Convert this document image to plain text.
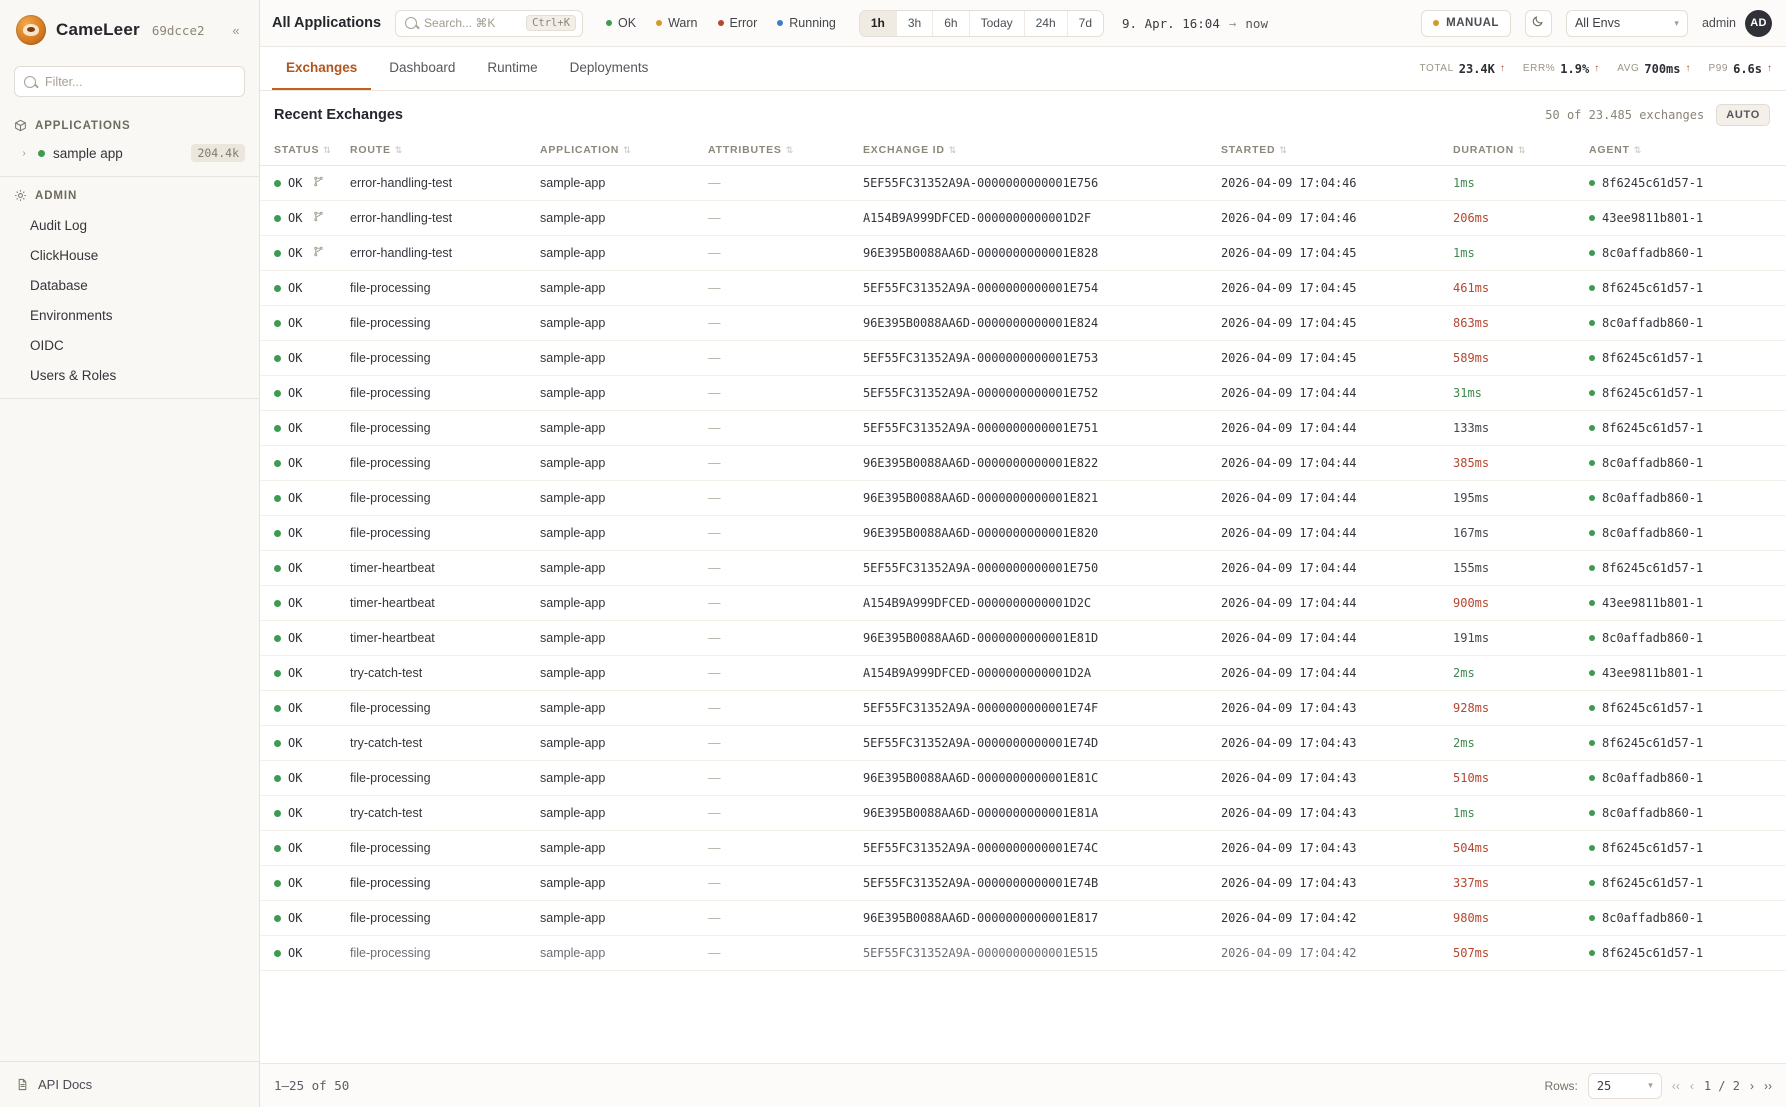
CameLeer 69dcce2	«
Filter...
APPLICATIONS
›	sample app	204.4k
ADMIN
Audit Log
ClickHouse
Database
Environments
OIDC
Users & Roles
API Docs
All Applications	Search... ⌘K	Ctrl+K	OK	Warn	Error	Running	1h	3h	6h	Today	24h	7d	9. Apr. 16:04 → now	MANUAL	All Envs	▾ admin	AD
Exchanges	Dashboard	Runtime	Deployments	TOTAL 23.4K ↑ ERR% 1.9% ↑ AVG 700ms ↑ P99 6.6s ↑
Recent Exchanges	50 of 23.485 exchanges	AUTO
STATUS ⇅	ROUTE ⇅	APPLICATION ⇅	ATTRIBUTES ⇅	EXCHANGE ID ⇅	STARTED ⇅	DURATION ⇅	AGENT ⇅

OK	error-handling-test	sample-app	—	5EF55FC31352A9A-0000000000001E756	2026-04-09 17:04:46	1ms	8f6245c61d57-1

OK	error-handling-test	sample-app	—	A154B9A999DFCED-0000000000001D2F	2026-04-09 17:04:46	206ms	43ee9811b801-1

OK	error-handling-test	sample-app	—	96E395B0088AA6D-0000000000001E828	2026-04-09 17:04:45	1ms	8c0affadb860-1

OK	file-processing	sample-app	—	5EF55FC31352A9A-0000000000001E754	2026-04-09 17:04:45	461ms	8f6245c61d57-1

OK	file-processing	sample-app	—	96E395B0088AA6D-0000000000001E824	2026-04-09 17:04:45	863ms	8c0affadb860-1

OK	file-processing	sample-app	—	5EF55FC31352A9A-0000000000001E753	2026-04-09 17:04:45	589ms	8f6245c61d57-1

OK	file-processing	sample-app	—	5EF55FC31352A9A-0000000000001E752	2026-04-09 17:04:44	31ms	8f6245c61d57-1

OK	file-processing	sample-app	—	5EF55FC31352A9A-0000000000001E751	2026-04-09 17:04:44	133ms	8f6245c61d57-1

OK	file-processing	sample-app	—	96E395B0088AA6D-0000000000001E822	2026-04-09 17:04:44	385ms	8c0affadb860-1

OK	file-processing	sample-app	—	96E395B0088AA6D-0000000000001E821	2026-04-09 17:04:44	195ms	8c0affadb860-1

OK	file-processing	sample-app	—	96E395B0088AA6D-0000000000001E820	2026-04-09 17:04:44	167ms	8c0affadb860-1

OK	timer-heartbeat	sample-app	—	5EF55FC31352A9A-0000000000001E750	2026-04-09 17:04:44	155ms	8f6245c61d57-1

OK	timer-heartbeat	sample-app	—	A154B9A999DFCED-0000000000001D2C	2026-04-09 17:04:44	900ms	43ee9811b801-1

OK	timer-heartbeat	sample-app	—	96E395B0088AA6D-0000000000001E81D	2026-04-09 17:04:44	191ms	8c0affadb860-1

OK	try-catch-test	sample-app	—	A154B9A999DFCED-0000000000001D2A	2026-04-09 17:04:44	2ms	43ee9811b801-1

OK	file-processing	sample-app	—	5EF55FC31352A9A-0000000000001E74F	2026-04-09 17:04:43	928ms	8f6245c61d57-1

OK	try-catch-test	sample-app	—	5EF55FC31352A9A-0000000000001E74D	2026-04-09 17:04:43	2ms	8f6245c61d57-1

OK	file-processing	sample-app	—	96E395B0088AA6D-0000000000001E81C	2026-04-09 17:04:43	510ms	8c0affadb860-1

OK	try-catch-test	sample-app	—	96E395B0088AA6D-0000000000001E81A	2026-04-09 17:04:43	1ms	8c0affadb860-1

OK	file-processing	sample-app	—	5EF55FC31352A9A-0000000000001E74C	2026-04-09 17:04:43	504ms	8f6245c61d57-1

OK	file-processing	sample-app	—	5EF55FC31352A9A-0000000000001E74B	2026-04-09 17:04:43	337ms	8f6245c61d57-1

OK	file-processing	sample-app	—	96E395B0088AA6D-0000000000001E817	2026-04-09 17:04:42	980ms	8c0affadb860-1

OK	file-processing	sample-app	—	5EF55FC31352A9A-0000000000001E515	2026-04-09 17:04:42	507ms	8f6245c61d57-1
1–25 of 50	Rows: 25	▾ ‹‹ ‹ 1 / 2 › ››
